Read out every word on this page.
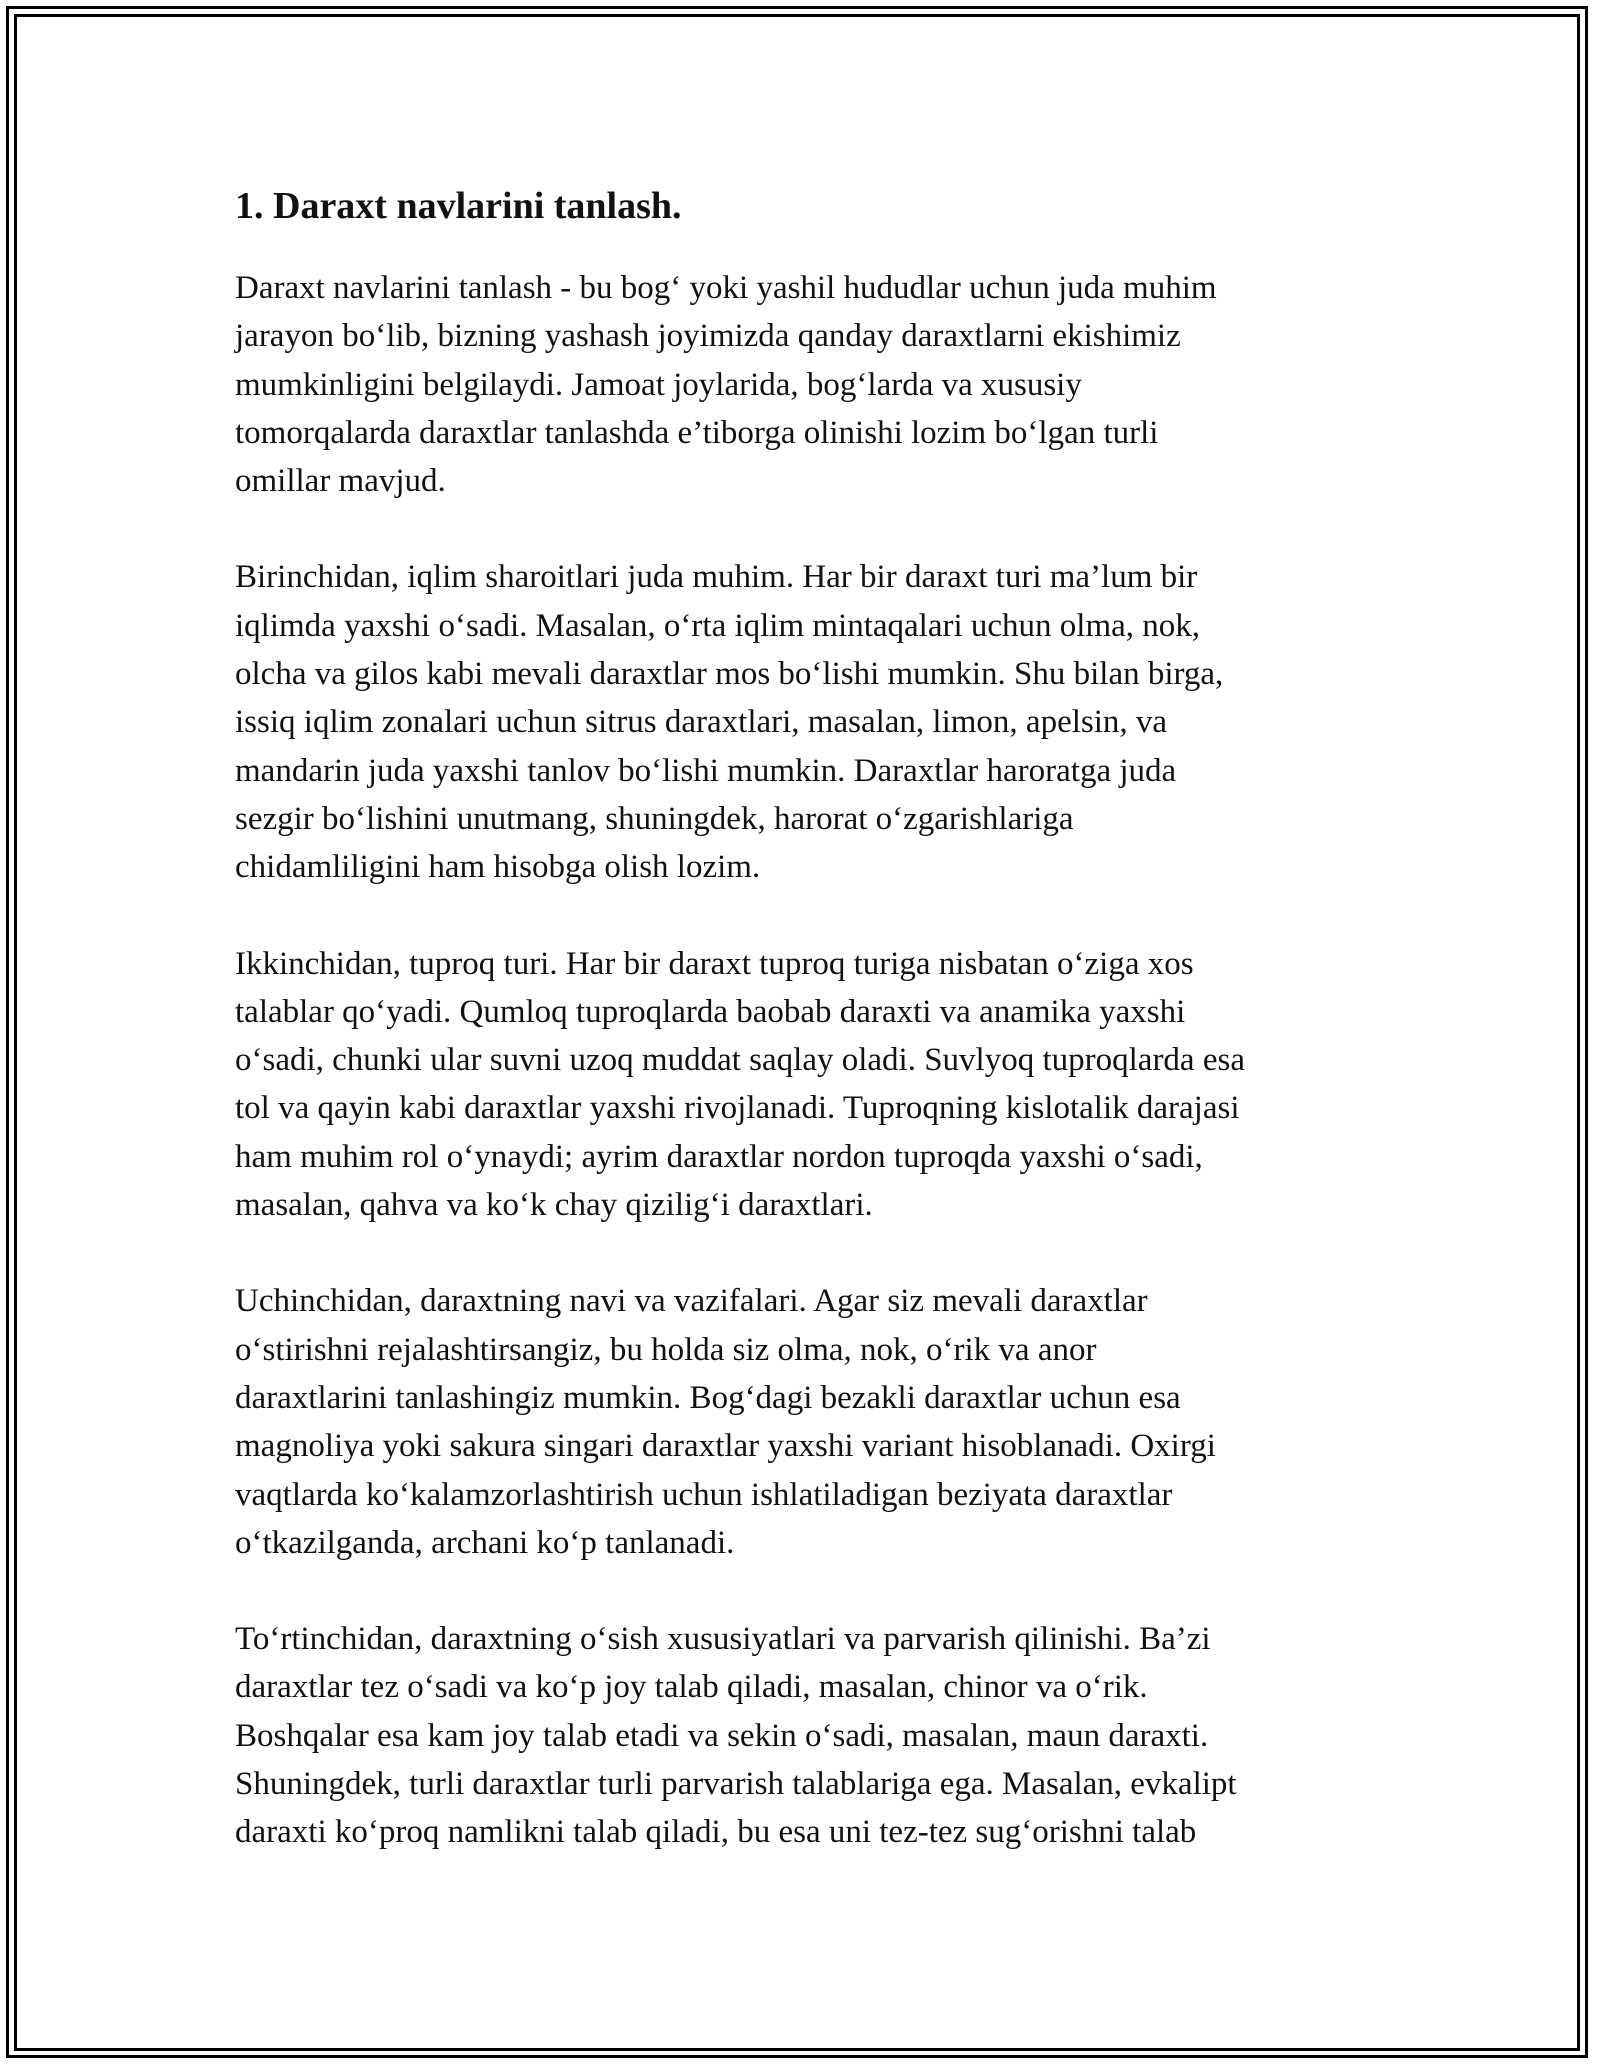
1. Daraxt navlarini tanlash.

Daraxt navlarini tanlash - bu bog‘ yoki yashil hududlar uchun juda muhim
jarayon bo‘lib, bizning yashash joyimizda qanday daraxtlarni ekishimiz
mumkinligini belgilaydi. Jamoat joylarida, bog‘larda va xususiy
tomorqalarda daraxtlar tanlashda e’tiborga olinishi lozim bo‘lgan turli
omillar mavjud.

Birinchidan, iqlim sharoitlari juda muhim. Har bir daraxt turi ma’lum bir
iqlimda yaxshi o‘sadi. Masalan, o‘rta iqlim mintaqalari uchun olma, nok,
olcha va gilos kabi mevali daraxtlar mos bo‘lishi mumkin. Shu bilan birga,
issiq iqlim zonalari uchun sitrus daraxtlari, masalan, limon, apelsin, va
mandarin juda yaxshi tanlov bo‘lishi mumkin. Daraxtlar haroratga juda
sezgir bo‘lishini unutmang, shuningdek, harorat o‘zgarishlariga
chidamliligini ham hisobga olish lozim.

Ikkinchidan, tuproq turi. Har bir daraxt tuproq turiga nisbatan o‘ziga xos
talablar qo‘yadi. Qumloq tuproqlarda baobab daraxti va anamika yaxshi
o‘sadi, chunki ular suvni uzoq muddat saqlay oladi. Suvlyoq tuproqlarda esa
tol va qayin kabi daraxtlar yaxshi rivojlanadi. Tuproqning kislotalik darajasi
ham muhim rol o‘ynaydi; ayrim daraxtlar nordon tuproqda yaxshi o‘sadi,
masalan, qahva va ko‘k chay qizilig‘i daraxtlari.

Uchinchidan, daraxtning navi va vazifalari. Agar siz mevali daraxtlar
o‘stirishni rejalashtirsangiz, bu holda siz olma, nok, o‘rik va anor
daraxtlarini tanlashingiz mumkin. Bog‘dagi bezakli daraxtlar uchun esa
magnoliya yoki sakura singari daraxtlar yaxshi variant hisoblanadi. Oxirgi
vaqtlarda ko‘kalamzorlashtirish uchun ishlatiladigan beziyata daraxtlar
o‘tkazilganda, archani ko‘p tanlanadi.

To‘rtinchidan, daraxtning o‘sish xususiyatlari va parvarish qilinishi. Ba’zi
daraxtlar tez o‘sadi va ko‘p joy talab qiladi, masalan, chinor va o‘rik.
Boshqalar esa kam joy talab etadi va sekin o‘sadi, masalan, maun daraxti.
Shuningdek, turli daraxtlar turli parvarish talablariga ega. Masalan, evkalipt
daraxti ko‘proq namlikni talab qiladi, bu esa uni tez-tez sug‘orishni talab
